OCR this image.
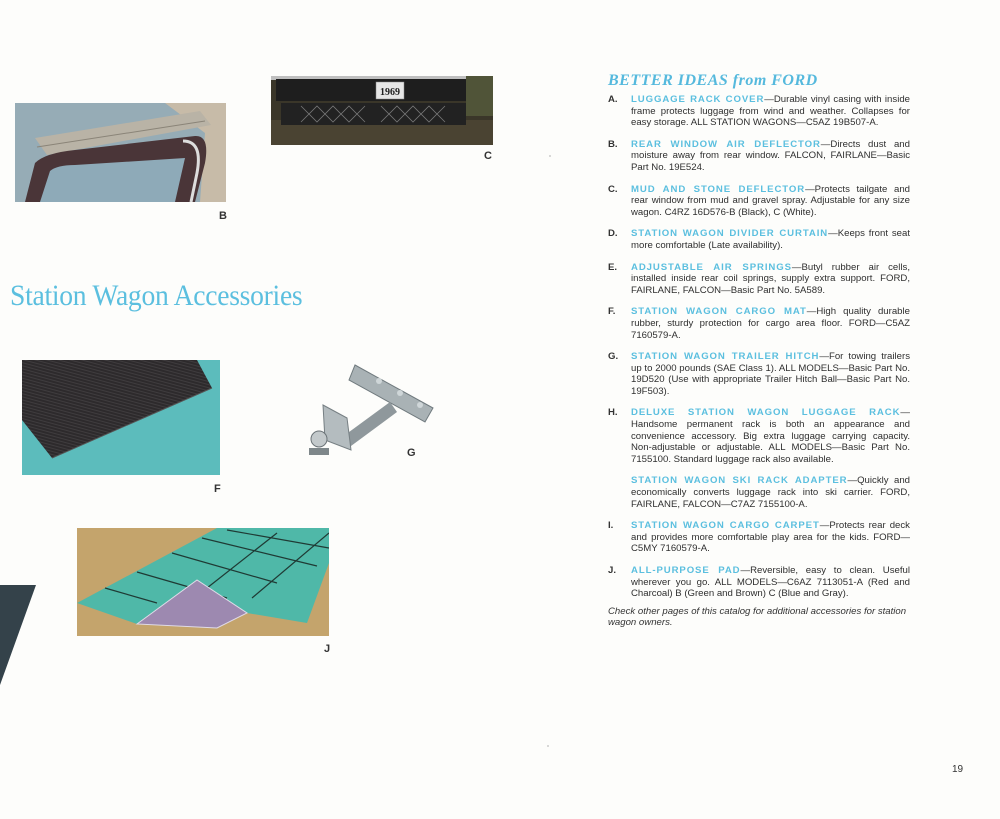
B
1969
C
Station Wagon Accessories
F
G
J
BETTER IDEAS from FORD
A. LUGGAGE RACK COVER—Durable vinyl casing with inside frame protects luggage from wind and weather. Collapses for easy storage. ALL STATION WAGONS—C5AZ 19B507-A.
B. REAR WINDOW AIR DEFLECTOR—Directs dust and moisture away from rear window. FALCON, FAIRLANE—Basic Part No. 19E524.
C. MUD AND STONE DEFLECTOR—Protects tailgate and rear window from mud and gravel spray. Adjustable for any size wagon. C4RZ 16D576-B (Black), C (White).
D. STATION WAGON DIVIDER CURTAIN—Keeps front seat more comfortable (Late availability).
E. ADJUSTABLE AIR SPRINGS—Butyl rubber air cells, installed inside rear coil springs, supply extra support. FORD, FAIRLANE, FALCON—Basic Part No. 5A589.
F. STATION WAGON CARGO MAT—High quality durable rubber, sturdy protection for cargo area floor. FORD—C5AZ 7160579-A.
G. STATION WAGON TRAILER HITCH—For towing trailers up to 2000 pounds (SAE Class 1). ALL MODELS—Basic Part No. 19D520 (Use with appropriate Trailer Hitch Ball—Basic Part No. 19F503).
H. DELUXE STATION WAGON LUGGAGE RACK—Handsome permanent rack is both an appearance and convenience accessory. Big extra luggage carrying capacity. Non-adjustable or adjustable. ALL MODELS—Basic Part No. 7155100. Standard luggage rack also available.
STATION WAGON SKI RACK ADAPTER—Quickly and economically converts luggage rack into ski carrier. FORD, FAIRLANE, FALCON—C7AZ 7155100-A.
I. STATION WAGON CARGO CARPET—Protects rear deck and provides more comfortable play area for the kids. FORD—C5MY 7160579-A.
J. ALL-PURPOSE PAD—Reversible, easy to clean. Useful wherever you go. ALL MODELS—C6AZ 7113051-A (Red and Charcoal) B (Green and Brown) C (Blue and Gray).
Check other pages of this catalog for additional accessories for station wagon owners.
19
